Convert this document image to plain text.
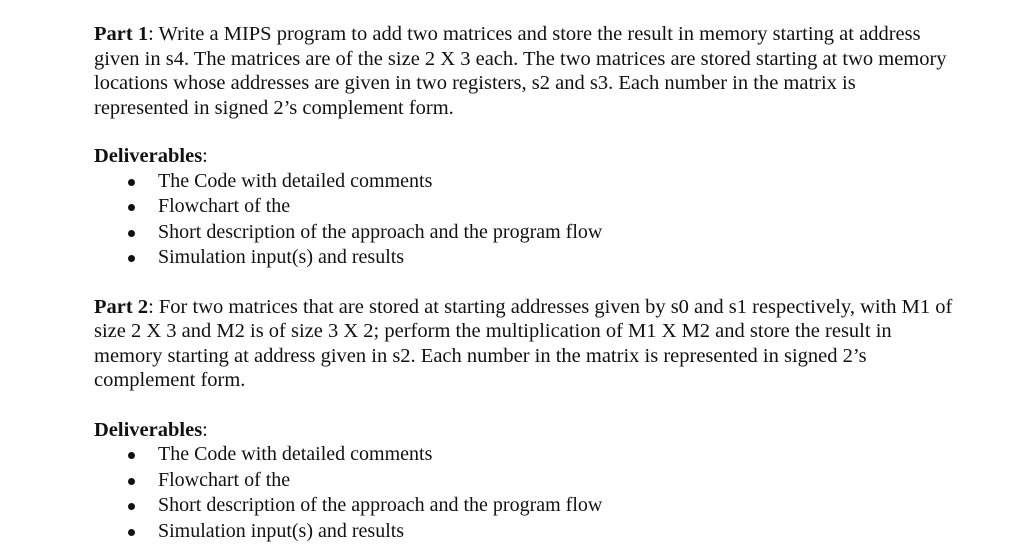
Part 1: Write a MIPS program to add two matrices and store the result in memory starting at address given in s4. The matrices are of the size 2 X 3 each. The two matrices are stored starting at two memory locations whose addresses are given in two registers, s2 and s3. Each number in the matrix is represented in signed 2’s complement form.

Deliverables:

The Code with detailed comments
Flowchart of the
Short description of the approach and the program flow
Simulation input(s) and results

Part 2: For two matrices that are stored at starting addresses given by s0 and s1 respectively, with M1 of size 2 X 3 and M2 is of size 3 X 2; perform the multiplication of M1 X M2 and store the result in memory starting at address given in s2. Each number in the matrix is represented in signed 2’s complement form.

Deliverables:

The Code with detailed comments
Flowchart of the
Short description of the approach and the program flow
Simulation input(s) and results
